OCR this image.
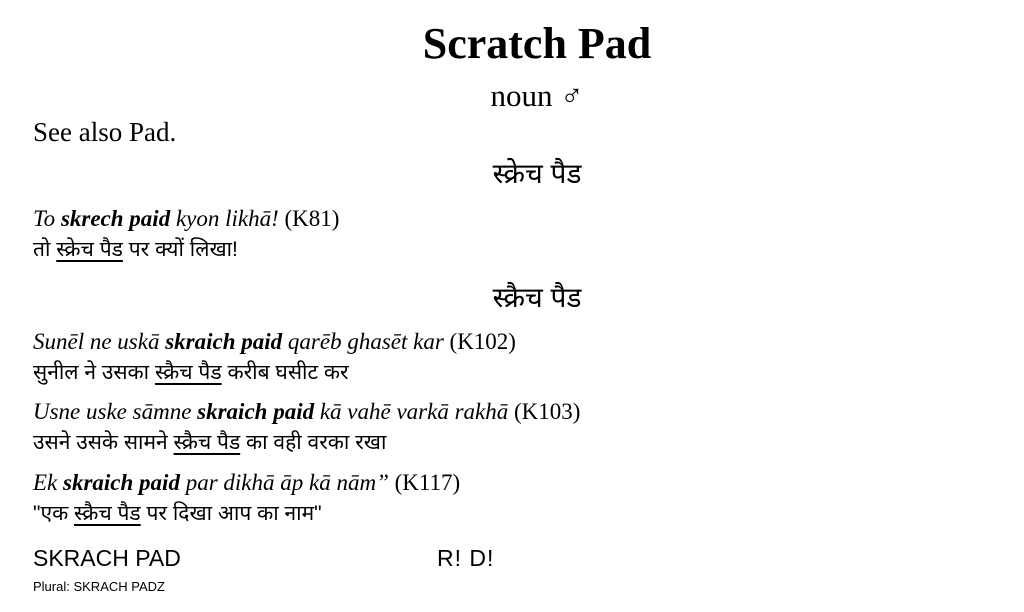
Scratch Pad
noun ♂
See also Pad.
स्क्रेच पैड
To skrech paid kyon likhā! (K81)
तो स्क्रेच पैड पर क्यों लिखा!
स्क्रैच पैड
Sunēl ne uskā skraich paid qarēb ghasēt kar (K102)
सुनील ने उसका स्क्रैच पैड करीब घसीट कर
Usne uske sāmne skraich paid kā vahē varkā rakhā (K103)
उसने उसके सामने स्क्रैच पैड का वही वरका रखा
Ek skraich paid par dikhā āp kā nām” (K117)
"एक स्क्रैच पैड पर दिखा आप का नाम"
SKRACH PAD	R! D!
Plural: SKRACH PADZ
